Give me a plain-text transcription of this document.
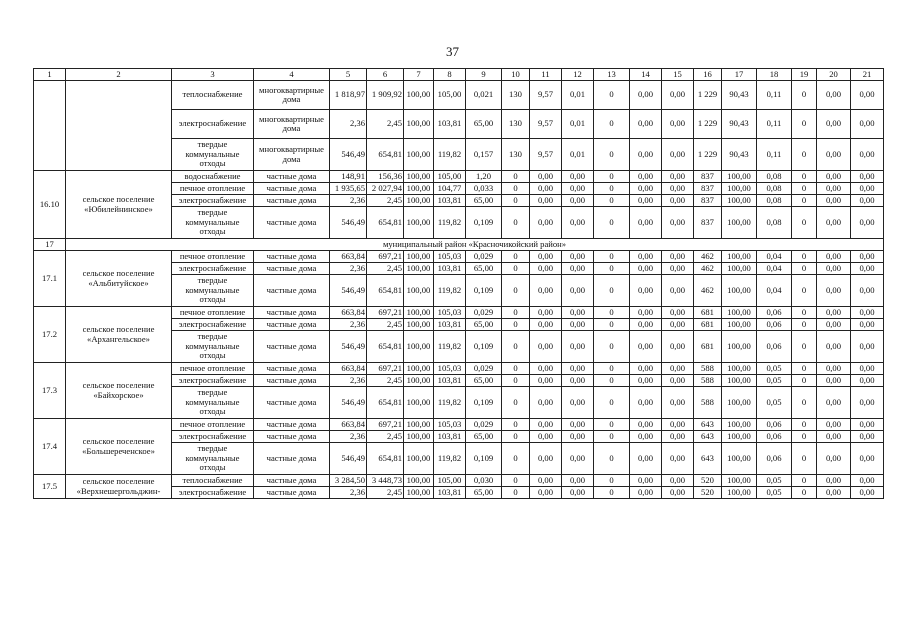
37
1	2	3	4	5	6	7	8	9	10	11	12	13	14	15	16	17	18	19	20	21
		теплоснабжение	многоквартирные дома	1 818,97	1 909,92	100,00	105,00	0,021	130	9,57	0,01	0	0,00	0,00	1 229	90,43	0,11	0	0,00	0,00
		электроснабжение	многоквартирные дома	2,36	2,45	100,00	103,81	65,00	130	9,57	0,01	0	0,00	0,00	1 229	90,43	0,11	0	0,00	0,00
		твердые коммунальные отходы	многоквартирные дома	546,49	654,81	100,00	119,82	0,157	130	9,57	0,01	0	0,00	0,00	1 229	90,43	0,11	0	0,00	0,00
16.10	сельское поселение «Юбилейнинское»	водоснабжение	частные дома	148,91	156,36	100,00	105,00	1,20	0	0,00	0,00	0	0,00	0,00	837	100,00	0,08	0	0,00	0,00
		печное отопление	частные дома	1 935,65	2 027,94	100,00	104,77	0,033	0	0,00	0,00	0	0,00	0,00	837	100,00	0,08	0	0,00	0,00
		электроснабжение	частные дома	2,36	2,45	100,00	103,81	65,00	0	0,00	0,00	0	0,00	0,00	837	100,00	0,08	0	0,00	0,00
		твердые коммунальные отходы	частные дома	546,49	654,81	100,00	119,82	0,109	0	0,00	0,00	0	0,00	0,00	837	100,00	0,08	0	0,00	0,00
17	муниципальный район «Красночикойский район»																			
17.1	сельское поселение «Альбитуйское»	печное отопление	частные дома	663,84	697,21	100,00	105,03	0,029	0	0,00	0,00	0	0,00	0,00	462	100,00	0,04	0	0,00	0,00
		электроснабжение	частные дома	2,36	2,45	100,00	103,81	65,00	0	0,00	0,00	0	0,00	0,00	462	100,00	0,04	0	0,00	0,00
		твердые коммунальные отходы	частные дома	546,49	654,81	100,00	119,82	0,109	0	0,00	0,00	0	0,00	0,00	462	100,00	0,04	0	0,00	0,00
17.2	сельское поселение «Архангельское»	печное отопление	частные дома	663,84	697,21	100,00	105,03	0,029	0	0,00	0,00	0	0,00	0,00	681	100,00	0,06	0	0,00	0,00
		электроснабжение	частные дома	2,36	2,45	100,00	103,81	65,00	0	0,00	0,00	0	0,00	0,00	681	100,00	0,06	0	0,00	0,00
		твердые коммунальные отходы	частные дома	546,49	654,81	100,00	119,82	0,109	0	0,00	0,00	0	0,00	0,00	681	100,00	0,06	0	0,00	0,00
17.3	сельское поселение «Байхорское»	печное отопление	частные дома	663,84	697,21	100,00	105,03	0,029	0	0,00	0,00	0	0,00	0,00	588	100,00	0,05	0	0,00	0,00
		электроснабжение	частные дома	2,36	2,45	100,00	103,81	65,00	0	0,00	0,00	0	0,00	0,00	588	100,00	0,05	0	0,00	0,00
		твердые коммунальные отходы	частные дома	546,49	654,81	100,00	119,82	0,109	0	0,00	0,00	0	0,00	0,00	588	100,00	0,05	0	0,00	0,00
17.4	сельское поселение «Большереченское»	печное отопление	частные дома	663,84	697,21	100,00	105,03	0,029	0	0,00	0,00	0	0,00	0,00	643	100,00	0,06	0	0,00	0,00
		электроснабжение	частные дома	2,36	2,45	100,00	103,81	65,00	0	0,00	0,00	0	0,00	0,00	643	100,00	0,06	0	0,00	0,00
		твердые коммунальные отходы	частные дома	546,49	654,81	100,00	119,82	0,109	0	0,00	0,00	0	0,00	0,00	643	100,00	0,06	0	0,00	0,00
17.5	сельское поселение «Верхнешергольджин-	теплоснабжение	частные дома	3 284,50	3 448,73	100,00	105,00	0,030	0	0,00	0,00	0	0,00	0,00	520	100,00	0,05	0	0,00	0,00
		электроснабжение	частные дома	2,36	2,45	100,00	103,81	65,00	0	0,00	0,00	0	0,00	0,00	520	100,00	0,05	0	0,00	0,00
